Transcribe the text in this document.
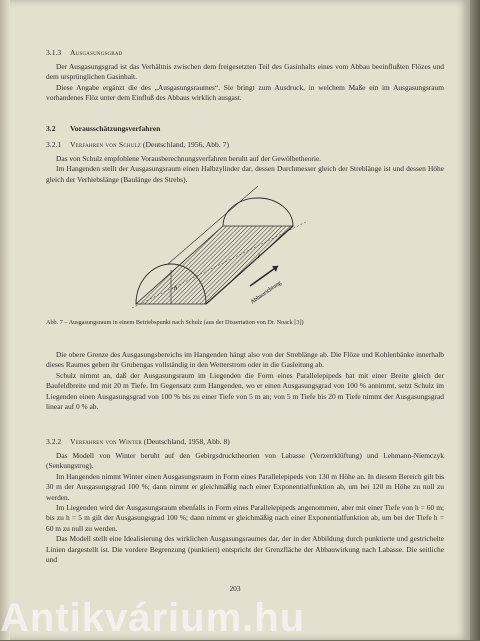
3.1.3 Ausgasungsgrad

Der Ausgasungsgrad ist das Verhältnis zwischen dem freigesetzten Teil des Gasinhalts eines vom Abbau beeinflußten Flözes und dem ursprünglichen Gasinhalt.

Diese Angabe ergänzt die des „Ausgasungsraumes“. Sie bringt zum Ausdruck, in welchem Maße ein im Ausgasungsraum vorhandenes Flöz unter dem Einfluß des Abbaus wirklich ausgast.

3.2 Vorausschätzungsverfahren
3.2.1 Verfahren von Schulz (Deutschland, 1956, Abb. 7)

Das von Schulz empfohlene Vorausberechnungsverfahren beruht auf der Gewölbetheorie.

Im Hangenden stellt der Ausgasungsraum einen Halbzylinder dar, dessen Durchmesser gleich der Streblänge ist und dessen Höhe gleich der Verhiebslänge (Baulänge des Strebs).

h
l
Abbaurichtung
Abb. 7 – Ausgasungsraum in einem Betriebspunkt nach Schulz (aus der Dissertation von Dr. Noack [3])

Die obere Grenze des Ausgasungsbereichs im Hangenden hängt also von der Streblänge ab. Die Flöze und Kohlenbänke innerhalb dieses Raumes geben ihr Grubengas vollständig in den Wetterstrom oder in die Gasleitung ab.

Schulz nimmt an, daß der Ausgasungsraum im Liegenden die Form eines Parallelepipeds hat mit einer Breite gleich der Baufeldbreite und mit 20 m Tiefe. Im Gegensatz zum Hangenden, wo er einen Ausgasungsgrad von 100 % annimmt, setzt Schulz im Liegenden einen Ausgasungsgrad von 100 % bis zu einer Tiefe von 5 m an; von 5 m Tiefe bis 20 m Tiefe nimmt der Ausgasungsgrad linear auf 0 % ab.

3.2.2 Verfahren von Winter (Deutschland, 1958, Abb. 8)

Das Modell von Winter beruht auf den Gebirgsdrucktheorien von Labasse (Verzerrklüftung) und Lehmann-Niemczyk (Senkungstrog).

Im Hangenden nimmt Winter einen Ausgasungsraum in Form eines Parallelepipeds von 130 m Höhe an. In diesem Bereich gilt bis 30 m der Ausgasungsgrad 100 %; dann nimmt er gleichmäßig nach einer Exponentialfunktion ab, um bei 120 m Höhe zu null zu werden.

Im Liegenden wird der Ausgasungsraum ebenfalls in Form eines Parallelepipeds angenommen, aber mit einer Tiefe von h = 60 m; bis zu h = 5 m gilt der Ausgasungsgrad 100 %; dann nimmt er gleichmäßig nach einer Exponentialfunktion ab, um bei der Tiefe h = 60 m zu null zu werden.

Das Modell stellt eine Idealisierung des wirklichen Ausgasungsraumes dar, der in der Abbildung durch punktierte und gestrichelte Linien dargestellt ist. Die vordere Begrenzung (punktiert) entspricht der Grenzfläche der Abbauwirkung nach Labasse. Die seitliche und

203
Antikvárium.hu
